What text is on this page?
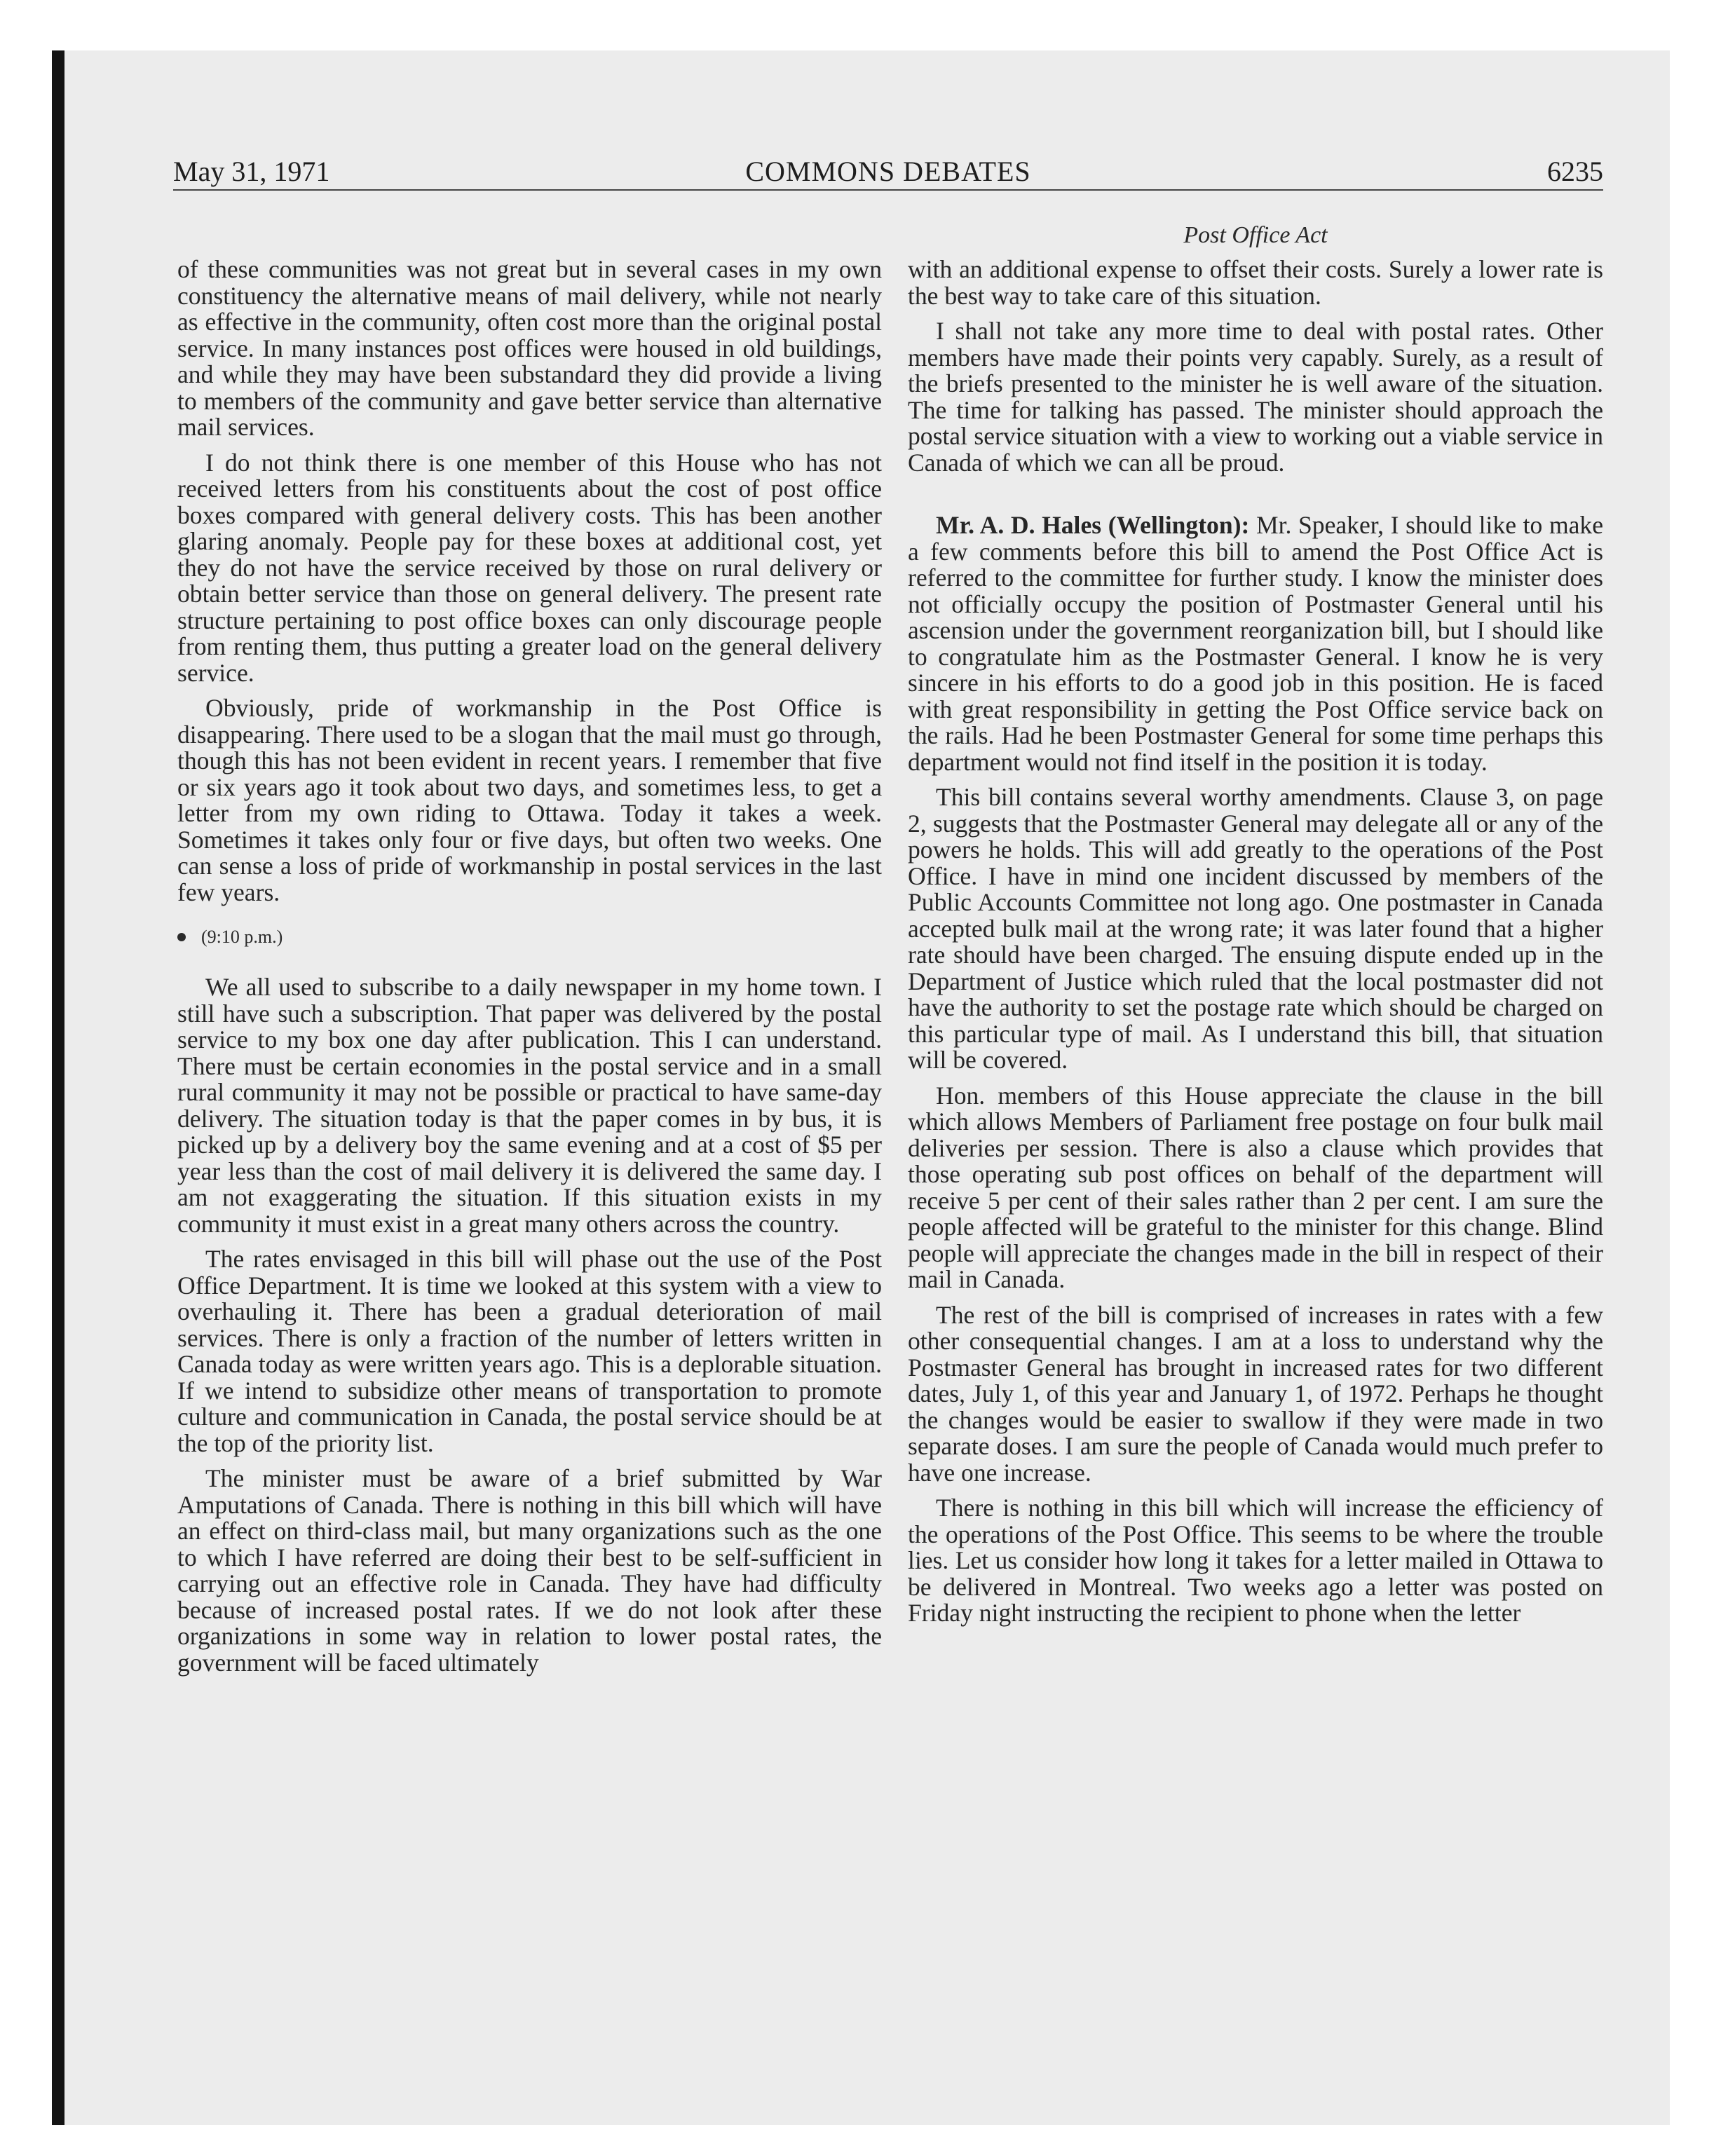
May 31, 1971	COMMONS DEBATES	6235
Post Office Act

of these communities was not great but in several cases in my own constituency the alternative means of mail delivery, while not nearly as effective in the community, often cost more than the original postal service. In many instances post offices were housed in old buildings, and while they may have been substandard they did provide a living to members of the community and gave better service than alternative mail services.

I do not think there is one member of this House who has not received letters from his constituents about the cost of post office boxes compared with general delivery costs. This has been another glaring anomaly. People pay for these boxes at additional cost, yet they do not have the service received by those on rural delivery or obtain better service than those on general delivery. The present rate structure pertaining to post office boxes can only discourage people from renting them, thus putting a greater load on the general delivery service.

Obviously, pride of workmanship in the Post Office is disappearing. There used to be a slogan that the mail must go through, though this has not been evident in recent years. I remember that five or six years ago it took about two days, and sometimes less, to get a letter from my own riding to Ottawa. Today it takes a week. Sometimes it takes only four or five days, but often two weeks. One can sense a loss of pride of workmanship in postal services in the last few years.

(9:10 p.m.)

We all used to subscribe to a daily newspaper in my home town. I still have such a subscription. That paper was delivered by the postal service to my box one day after publication. This I can understand. There must be certain economies in the postal service and in a small rural community it may not be possible or practical to have same-day delivery. The situation today is that the paper comes in by bus, it is picked up by a delivery boy the same evening and at a cost of $5 per year less than the cost of mail delivery it is delivered the same day. I am not exaggerating the situation. If this situation exists in my community it must exist in a great many others across the country.

The rates envisaged in this bill will phase out the use of the Post Office Department. It is time we looked at this system with a view to overhauling it. There has been a gradual deterioration of mail services. There is only a fraction of the number of letters written in Canada today as were written years ago. This is a deplorable situation. If we intend to subsidize other means of transportation to promote culture and communication in Canada, the postal service should be at the top of the priority list.

The minister must be aware of a brief submitted by War Amputations of Canada. There is nothing in this bill which will have an effect on third-class mail, but many organizations such as the one to which I have referred are doing their best to be self-sufficient in carrying out an effective role in Canada. They have had difficulty because of increased postal rates. If we do not look after these organizations in some way in relation to lower postal rates, the government will be faced ultimately

with an additional expense to offset their costs. Surely a lower rate is the best way to take care of this situation.

I shall not take any more time to deal with postal rates. Other members have made their points very capably. Surely, as a result of the briefs presented to the minister he is well aware of the situation. The time for talking has passed. The minister should approach the postal service situation with a view to working out a viable service in Canada of which we can all be proud.

Mr. A. D. Hales (Wellington): Mr. Speaker, I should like to make a few comments before this bill to amend the Post Office Act is referred to the committee for further study. I know the minister does not officially occupy the position of Postmaster General until his ascension under the government reorganization bill, but I should like to congratulate him as the Postmaster General. I know he is very sincere in his efforts to do a good job in this position. He is faced with great responsibility in getting the Post Office service back on the rails. Had he been Postmaster General for some time perhaps this department would not find itself in the position it is today.

This bill contains several worthy amendments. Clause 3, on page 2, suggests that the Postmaster General may delegate all or any of the powers he holds. This will add greatly to the operations of the Post Office. I have in mind one incident discussed by members of the Public Accounts Committee not long ago. One postmaster in Canada accepted bulk mail at the wrong rate; it was later found that a higher rate should have been charged. The ensuing dispute ended up in the Department of Justice which ruled that the local postmaster did not have the authority to set the postage rate which should be charged on this particular type of mail. As I understand this bill, that situation will be covered.

Hon. members of this House appreciate the clause in the bill which allows Members of Parliament free postage on four bulk mail deliveries per session. There is also a clause which provides that those operating sub post offices on behalf of the department will receive 5 per cent of their sales rather than 2 per cent. I am sure the people affected will be grateful to the minister for this change. Blind people will appreciate the changes made in the bill in respect of their mail in Canada.

The rest of the bill is comprised of increases in rates with a few other consequential changes. I am at a loss to understand why the Postmaster General has brought in increased rates for two different dates, July 1, of this year and January 1, of 1972. Perhaps he thought the changes would be easier to swallow if they were made in two separate doses. I am sure the people of Canada would much prefer to have one increase.

There is nothing in this bill which will increase the efficiency of the operations of the Post Office. This seems to be where the trouble lies. Let us consider how long it takes for a letter mailed in Ottawa to be delivered in Montreal. Two weeks ago a letter was posted on Friday night instructing the recipient to phone when the letter
